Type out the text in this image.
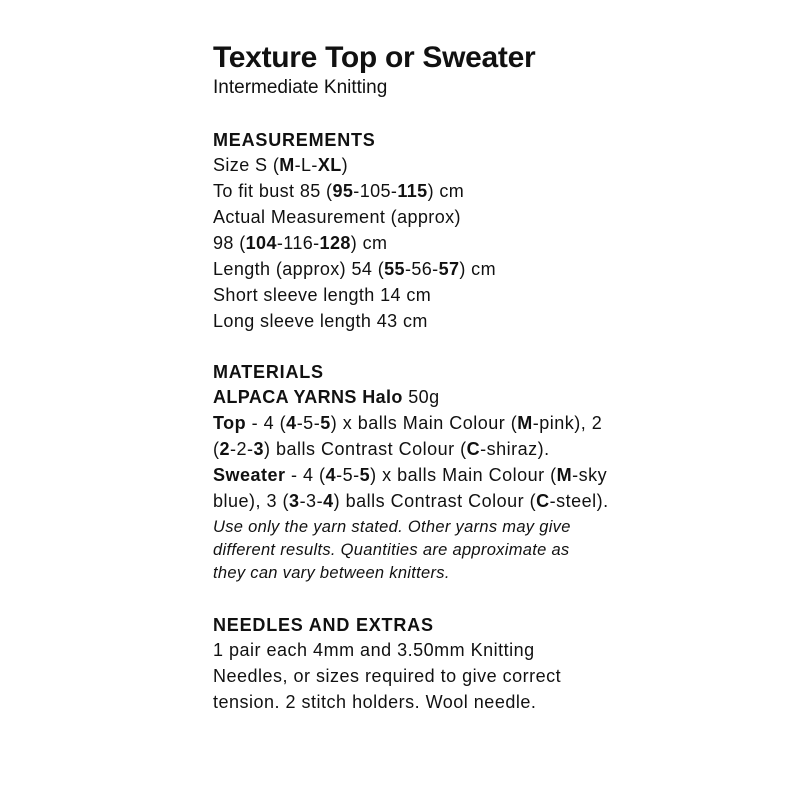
Texture Top or Sweater

Intermediate Knitting

MEASUREMENTS

Size S (M-L-XL)

To fit bust 85 (95-105-115) cm

Actual Measurement (approx)

98 (104-116-128) cm

Length (approx) 54 (55-56-57) cm

Short sleeve length 14 cm

Long sleeve length 43 cm

MATERIALS

ALPACA YARNS Halo 50g

Top - 4 (4-5-5) x balls Main Colour (M-pink), 2 (2-2-3) balls Contrast Colour (C-shiraz).

Sweater - 4 (4-5-5) x balls Main Colour (M-sky blue), 3 (3-3-4) balls Contrast Colour (C-steel).

Use only the yarn stated. Other yarns may give different results. Quantities are approximate as they can vary between knitters.

NEEDLES AND EXTRAS

1 pair each 4mm and 3.50mm Knitting Needles, or sizes required to give correct tension. 2 stitch holders. Wool needle.
